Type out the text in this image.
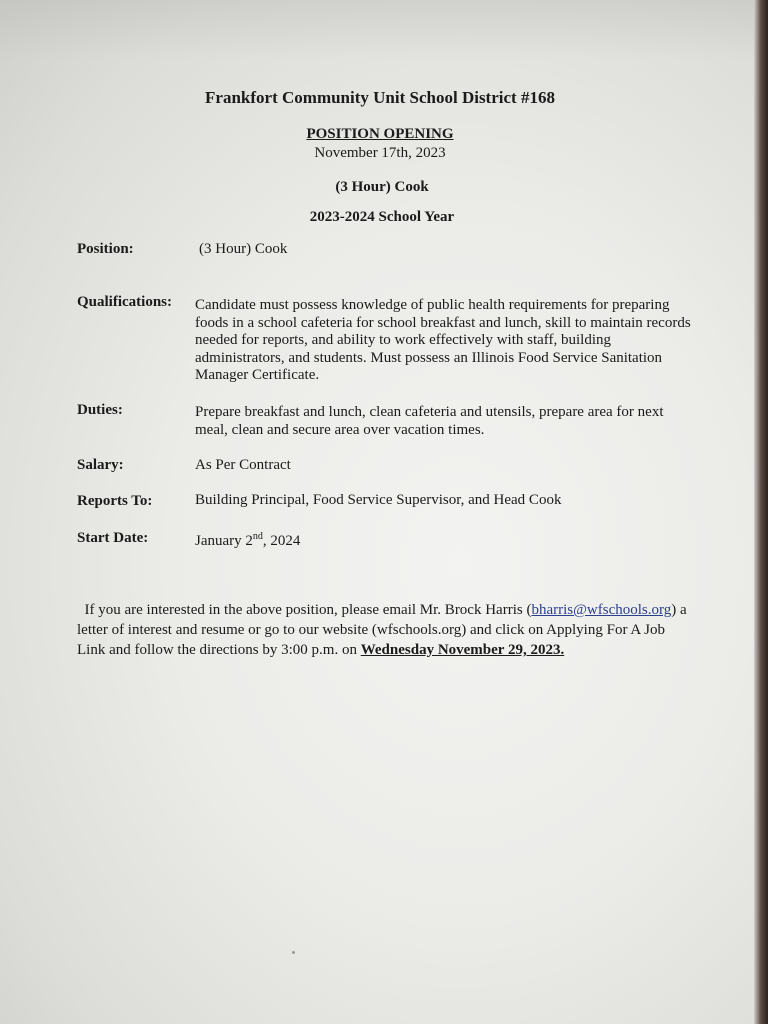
Frankfort Community Unit School District #168
POSITION OPENING
November 17th, 2023
(3 Hour) Cook
2023-2024 School Year
Position:	(3 Hour) Cook
Qualifications: Candidate must possess knowledge of public health requirements for preparing foods in a school cafeteria for school breakfast and lunch, skill to maintain records needed for reports, and ability to work effectively with staff, building administrators, and students. Must possess an Illinois Food Service Sanitation Manager Certificate.
Duties:	Prepare breakfast and lunch, clean cafeteria and utensils, prepare area for next meal, clean and secure area over vacation times.
Salary:	As Per Contract
Reports To:	Building Principal, Food Service Supervisor, and Head Cook
Start Date:	January 2nd, 2024
If you are interested in the above position, please email Mr. Brock Harris (bharris@wfschools.org) a letter of interest and resume or go to our website (wfschools.org) and click on Applying For A Job Link and follow the directions by 3:00 p.m. on Wednesday November 29, 2023.
